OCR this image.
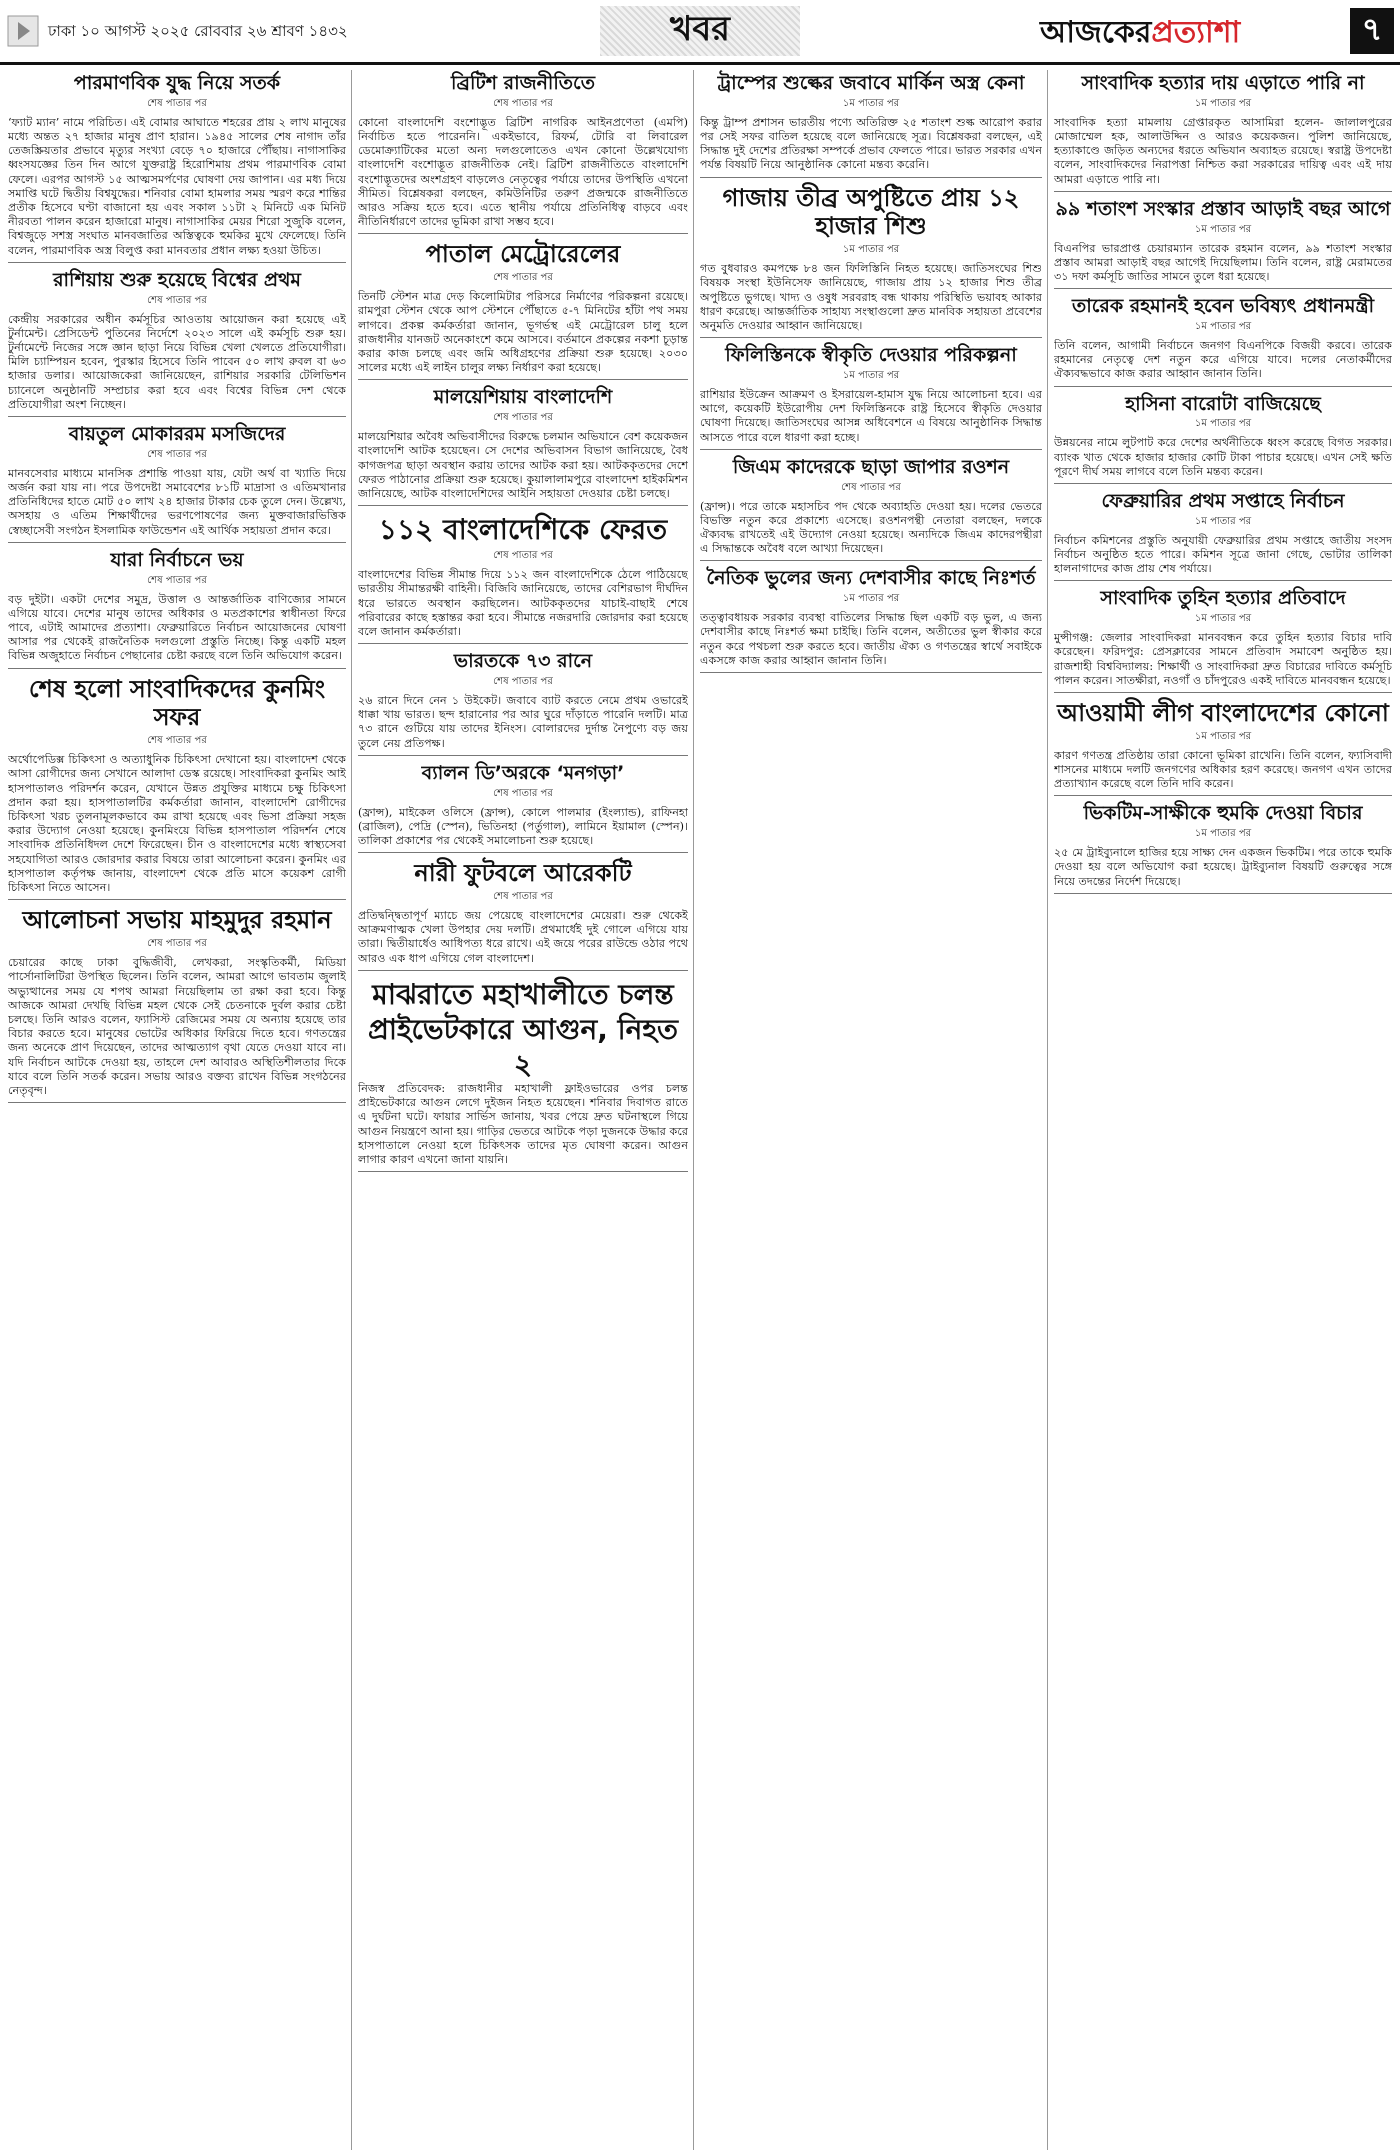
ঢাকা ১০ আগস্ট ২০২৫ রোববার ২৬ শ্রাবণ ১৪৩২	খবর	আজকেরপ্রত্যাশা	৭
পারমাণবিক যুদ্ধ নিয়ে সতর্ক
শেষ পাতার পর

‘ফ্যাট ম্যান’ নামে পরিচিত। এই বোমার আঘাতে শহরের প্রায় ২ লাখ মানুষের মধ্যে অন্তত ২৭ হাজার মানুষ প্রাণ হারান। ১৯৪৫ সালের শেষ নাগাদ তাঁর তেজস্ক্রিয়তার প্রভাবে মৃত্যুর সংখ্যা বেড়ে ৭০ হাজারে পৌঁছায়। নাগাসাকির ধ্বংসযজ্ঞের তিন দিন আগে যুক্তরাষ্ট্র হিরোশিমায় প্রথম পারমাণবিক বোমা ফেলে। এরপর আগস্ট ১৫ আত্মসমর্পণের ঘোষণা দেয় জাপান। এর মধ্য দিয়ে সমাপ্তি ঘটে দ্বিতীয় বিশ্বযুদ্ধের। শনিবার বোমা হামলার সময় স্মরণ করে শান্তির প্রতীক হিসেবে ঘণ্টা বাজানো হয় এবং সকাল ১১টা ২ মিনিটে এক মিনিট নীরবতা পালন করেন হাজারো মানুষ। নাগাসাকির মেয়র শিরো সুজুকি বলেন, বিশ্বজুড়ে সশস্ত্র সংঘাত মানবজাতির অস্তিত্বকে হুমকির মুখে ফেলেছে। তিনি বলেন, পারমাণবিক অস্ত্র বিলুপ্ত করা মানবতার প্রধান লক্ষ্য হওয়া উচিত।

রাশিয়ায় শুরু হয়েছে বিশ্বের প্রথম
শেষ পাতার পর

কেন্দ্রীয় সরকারের অধীন কর্মসূচির আওতায় আয়োজন করা হয়েছে এই টুর্নামেন্ট। প্রেসিডেন্ট পুতিনের নির্দেশে ২০২৩ সালে এই কর্মসূচি শুরু হয়। টুর্নামেন্টে নিজের সঙ্গে জ্ঞান ছাড়া নিয়ে বিভিন্ন খেলা খেলতে প্রতিযোগীরা। মিলি চ্যাম্পিয়ন হবেন, পুরস্কার হিসেবে তিনি পাবেন ৫০ লাখ রুবল বা ৬৩ হাজার ডলার। আয়োজকেরা জানিয়েছেন, রাশিয়ার সরকারি টেলিভিশন চ্যানেলে অনুষ্ঠানটি সম্প্রচার করা হবে এবং বিশ্বের বিভিন্ন দেশ থেকে প্রতিযোগীরা অংশ নিচ্ছেন।

বায়তুল মোকাররম মসজিদের
শেষ পাতার পর

মানবসেবার মাধ্যমে মানসিক প্রশান্তি পাওয়া যায়, যেটা অর্থ বা খ্যাতি দিয়ে অর্জন করা যায় না। পরে উপদেষ্টা সমাবেশের ৮১টি মাদ্রাসা ও এতিমখানার প্রতিনিধিদের হাতে মোট ৫০ লাখ ২৪ হাজার টাকার চেক তুলে দেন। উল্লেখ্য, অসহায় ও এতিম শিক্ষার্থীদের ভরণপোষণের জন্য মুক্তবাজারভিত্তিক স্বেচ্ছাসেবী সংগঠন ইসলামিক ফাউন্ডেশন এই আর্থিক সহায়তা প্রদান করে।

যারা নির্বাচনে ভয়
শেষ পাতার পর

বড় দুইটা। একটা দেশের সমুদ্র, উত্তাল ও আন্তর্জাতিক বাণিজ্যের সামনে এগিয়ে যাবে। দেশের মানুষ তাদের অধিকার ও মতপ্রকাশের স্বাধীনতা ফিরে পাবে, এটাই আমাদের প্রত্যাশা। ফেব্রুয়ারিতে নির্বাচন আয়োজনের ঘোষণা আসার পর থেকেই রাজনৈতিক দলগুলো প্রস্তুতি নিচ্ছে। কিন্তু একটি মহল বিভিন্ন অজুহাতে নির্বাচন পেছানোর চেষ্টা করছে বলে তিনি অভিযোগ করেন।

শেষ হলো সাংবাদিকদের কুনমিং সফর
শেষ পাতার পর

অর্থোপেডিক্স চিকিৎসা ও অত্যাধুনিক চিকিৎসা দেখানো হয়। বাংলাদেশ থেকে আসা রোগীদের জন্য সেখানে আলাদা ডেস্ক রয়েছে। সাংবাদিকরা কুনমিং আই হাসপাতালও পরিদর্শন করেন, যেখানে উন্নত প্রযুক্তির মাধ্যমে চক্ষু চিকিৎসা প্রদান করা হয়। হাসপাতালটির কর্মকর্তারা জানান, বাংলাদেশি রোগীদের চিকিৎসা খরচ তুলনামূলকভাবে কম রাখা হয়েছে এবং ভিসা প্রক্রিয়া সহজ করার উদ্যোগ নেওয়া হয়েছে। কুনমিংয়ে বিভিন্ন হাসপাতাল পরিদর্শন শেষে সাংবাদিক প্রতিনিধিদল দেশে ফিরেছেন। চীন ও বাংলাদেশের মধ্যে স্বাস্থ্যসেবা সহযোগিতা আরও জোরদার করার বিষয়ে তারা আলোচনা করেন। কুনমিং এর হাসপাতাল কর্তৃপক্ষ জানায়, বাংলাদেশ থেকে প্রতি মাসে কয়েকশ রোগী চিকিৎসা নিতে আসেন।

আলোচনা সভায় মাহমুদুর রহমান
শেষ পাতার পর

চেয়ারের কাছে ঢাকা বুদ্ধিজীবী, লেখকরা, সংস্কৃতিকর্মী, মিডিয়া পার্সোনালিটিরা উপস্থিত ছিলেন। তিনি বলেন, আমরা আগে ভাবতাম জুলাই অভ্যুত্থানের সময় যে শপথ আমরা নিয়েছিলাম তা রক্ষা করা হবে। কিন্তু আজকে আমরা দেখছি বিভিন্ন মহল থেকে সেই চেতনাকে দুর্বল করার চেষ্টা চলছে। তিনি আরও বলেন, ফ্যাসিস্ট রেজিমের সময় যে অন্যায় হয়েছে তার বিচার করতে হবে। মানুষের ভোটের অধিকার ফিরিয়ে দিতে হবে। গণতন্ত্রের জন্য অনেকে প্রাণ দিয়েছেন, তাদের আত্মত্যাগ বৃথা যেতে দেওয়া যাবে না। যদি নির্বাচন আটকে দেওয়া হয়, তাহলে দেশ আবারও অস্থিতিশীলতার দিকে যাবে বলে তিনি সতর্ক করেন। সভায় আরও বক্তব্য রাখেন বিভিন্ন সংগঠনের নেতৃবৃন্দ।

ব্রিটিশ রাজনীতিতে
শেষ পাতার পর

কোনো বাংলাদেশি বংশোদ্ভূত ব্রিটিশ নাগরিক আইনপ্রণেতা (এমপি) নির্বাচিত হতে পারেননি। একইভাবে, রিফর্ম, টোরি বা লিবারেল ডেমোক্র্যাটিকের মতো অন্য দলগুলোতেও এখন কোনো উল্লেখযোগ্য বাংলাদেশি বংশোদ্ভূত রাজনীতিক নেই। ব্রিটিশ রাজনীতিতে বাংলাদেশি বংশোদ্ভূতদের অংশগ্রহণ বাড়লেও নেতৃত্বের পর্যায়ে তাদের উপস্থিতি এখনো সীমিত। বিশ্লেষকরা বলছেন, কমিউনিটির তরুণ প্রজন্মকে রাজনীতিতে আরও সক্রিয় হতে হবে। এতে স্থানীয় পর্যায়ে প্রতিনিধিত্ব বাড়বে এবং নীতিনির্ধারণে তাদের ভূমিকা রাখা সম্ভব হবে।

পাতাল মেট্রোরেলের
শেষ পাতার পর

তিনটি স্টেশন মাত্র দেড় কিলোমিটার পরিসরে নির্মাণের পরিকল্পনা রয়েছে। রামপুরা স্টেশন থেকে আপ স্টেশনে পৌঁছাতে ৫-৭ মিনিটের হাঁটা পথ সময় লাগবে। প্রকল্প কর্মকর্তারা জানান, ভূগর্ভস্থ এই মেট্রোরেল চালু হলে রাজধানীর যানজট অনেকাংশে কমে আসবে। বর্তমানে প্রকল্পের নকশা চূড়ান্ত করার কাজ চলছে এবং জমি অধিগ্রহণের প্রক্রিয়া শুরু হয়েছে। ২০৩০ সালের মধ্যে এই লাইন চালুর লক্ষ্য নির্ধারণ করা হয়েছে।

মালয়েশিয়ায় বাংলাদেশি
শেষ পাতার পর

মালয়েশিয়ার অবৈধ অভিবাসীদের বিরুদ্ধে চলমান অভিযানে বেশ কয়েকজন বাংলাদেশি আটক হয়েছেন। সে দেশের অভিবাসন বিভাগ জানিয়েছে, বৈধ কাগজপত্র ছাড়া অবস্থান করায় তাদের আটক করা হয়। আটককৃতদের দেশে ফেরত পাঠানোর প্রক্রিয়া শুরু হয়েছে। কুয়ালালামপুরে বাংলাদেশ হাইকমিশন জানিয়েছে, আটক বাংলাদেশিদের আইনি সহায়তা দেওয়ার চেষ্টা চলছে।

১১২ বাংলাদেশিকে ফেরত
শেষ পাতার পর

বাংলাদেশের বিভিন্ন সীমান্ত দিয়ে ১১২ জন বাংলাদেশিকে ঠেলে পাঠিয়েছে ভারতীয় সীমান্তরক্ষী বাহিনী। বিজিবি জানিয়েছে, তাদের বেশিরভাগ দীর্ঘদিন ধরে ভারতে অবস্থান করছিলেন। আটককৃতদের যাচাই-বাছাই শেষে পরিবারের কাছে হস্তান্তর করা হবে। সীমান্তে নজরদারি জোরদার করা হয়েছে বলে জানান কর্মকর্তারা।

ভারতকে ৭৩ রানে
শেষ পাতার পর

২৬ রানে দিনে নেন ১ উইকেট। জবাবে ব্যাট করতে নেমে প্রথম ওভারেই ধাক্কা খায় ভারত। ছন্দ হারানোর পর আর ঘুরে দাঁড়াতে পারেনি দলটি। মাত্র ৭৩ রানে গুটিয়ে যায় তাদের ইনিংস। বোলারদের দুর্দান্ত নৈপুণ্যে বড় জয় তুলে নেয় প্রতিপক্ষ।

ব্যালন ডি’অরকে ‘মনগড়া’
শেষ পাতার পর

(ফ্রান্স), মাইকেল ওলিসে (ফ্রান্স), কোলে পালমার (ইংল্যান্ড), রাফিনহা (ব্রাজিল), পেদ্রি (স্পেন), ভিতিনহা (পর্তুগাল), লামিনে ইয়ামাল (স্পেন)। তালিকা প্রকাশের পর থেকেই সমালোচনা শুরু হয়েছে।

নারী ফুটবলে আরেকটি
শেষ পাতার পর

প্রতিদ্বন্দ্বিতাপূর্ণ ম্যাচে জয় পেয়েছে বাংলাদেশের মেয়েরা। শুরু থেকেই আক্রমণাত্মক খেলা উপহার দেয় দলটি। প্রথমার্ধেই দুই গোলে এগিয়ে যায় তারা। দ্বিতীয়ার্ধেও আধিপত্য ধরে রাখে। এই জয়ে পরের রাউন্ডে ওঠার পথে আরও এক ধাপ এগিয়ে গেল বাংলাদেশ।

মাঝরাতে মহাখালীতে চলন্ত প্রাইভেটকারে আগুন, নিহত ২

নিজস্ব প্রতিবেদক: রাজধানীর মহাখালী ফ্লাইওভারের ওপর চলন্ত প্রাইভেটকারে আগুন লেগে দুইজন নিহত হয়েছেন। শনিবার দিবাগত রাতে এ দুর্ঘটনা ঘটে। ফায়ার সার্ভিস জানায়, খবর পেয়ে দ্রুত ঘটনাস্থলে গিয়ে আগুন নিয়ন্ত্রণে আনা হয়। গাড়ির ভেতরে আটকে পড়া দুজনকে উদ্ধার করে হাসপাতালে নেওয়া হলে চিকিৎসক তাদের মৃত ঘোষণা করেন। আগুন লাগার কারণ এখনো জানা যায়নি।

ট্রাম্পের শুল্কের জবাবে মার্কিন অস্ত্র কেনা
১ম পাতার পর

কিন্তু ট্রাম্প প্রশাসন ভারতীয় পণ্যে অতিরিক্ত ২৫ শতাংশ শুল্ক আরোপ করার পর সেই সফর বাতিল হয়েছে বলে জানিয়েছে সূত্র। বিশ্লেষকরা বলছেন, এই সিদ্ধান্ত দুই দেশের প্রতিরক্ষা সম্পর্কে প্রভাব ফেলতে পারে। ভারত সরকার এখন পর্যন্ত বিষয়টি নিয়ে আনুষ্ঠানিক কোনো মন্তব্য করেনি।

গাজায় তীব্র অপুষ্টিতে প্রায় ১২ হাজার শিশু
১ম পাতার পর

গত বুধবারও কমপক্ষে ৮৪ জন ফিলিস্তিনি নিহত হয়েছে। জাতিসংঘের শিশু বিষয়ক সংস্থা ইউনিসেফ জানিয়েছে, গাজায় প্রায় ১২ হাজার শিশু তীব্র অপুষ্টিতে ভুগছে। খাদ্য ও ওষুধ সরবরাহ বন্ধ থাকায় পরিস্থিতি ভয়াবহ আকার ধারণ করেছে। আন্তর্জাতিক সাহায্য সংস্থাগুলো দ্রুত মানবিক সহায়তা প্রবেশের অনুমতি দেওয়ার আহ্বান জানিয়েছে।

ফিলিস্তিনকে স্বীকৃতি দেওয়ার পরিকল্পনা
১ম পাতার পর

রাশিয়ার ইউক্রেন আক্রমণ ও ইসরায়েল-হামাস যুদ্ধ নিয়ে আলোচনা হবে। এর আগে, কয়েকটি ইউরোপীয় দেশ ফিলিস্তিনকে রাষ্ট্র হিসেবে স্বীকৃতি দেওয়ার ঘোষণা দিয়েছে। জাতিসংঘের আসন্ন অধিবেশনে এ বিষয়ে আনুষ্ঠানিক সিদ্ধান্ত আসতে পারে বলে ধারণা করা হচ্ছে।

জিএম কাদেরকে ছাড়া জাপার রওশন
শেষ পাতার পর

(ফ্রান্স)। পরে তাকে মহাসচিব পদ থেকে অব্যাহতি দেওয়া হয়। দলের ভেতরে বিভক্তি নতুন করে প্রকাশ্যে এসেছে। রওশনপন্থী নেতারা বলছেন, দলকে ঐক্যবদ্ধ রাখতেই এই উদ্যোগ নেওয়া হয়েছে। অন্যদিকে জিএম কাদেরপন্থীরা এ সিদ্ধান্তকে অবৈধ বলে আখ্যা দিয়েছেন।

নৈতিক ভুলের জন্য দেশবাসীর কাছে নিঃশর্ত
১ম পাতার পর

তত্ত্বাবধায়ক সরকার ব্যবস্থা বাতিলের সিদ্ধান্ত ছিল একটি বড় ভুল, এ জন্য দেশবাসীর কাছে নিঃশর্ত ক্ষমা চাইছি। তিনি বলেন, অতীতের ভুল স্বীকার করে নতুন করে পথচলা শুরু করতে হবে। জাতীয় ঐক্য ও গণতন্ত্রের স্বার্থে সবাইকে একসঙ্গে কাজ করার আহ্বান জানান তিনি।

সাংবাদিক হত্যার দায় এড়াতে পারি না
১ম পাতার পর

সাংবাদিক হত্যা মামলায় গ্রেপ্তারকৃত আসামিরা হলেন- জালালপুরের মোজাম্মেল হক, আলাউদ্দিন ও আরও কয়েকজন। পুলিশ জানিয়েছে, হত্যাকাণ্ডে জড়িত অন্যদের ধরতে অভিযান অব্যাহত রয়েছে। স্বরাষ্ট্র উপদেষ্টা বলেন, সাংবাদিকদের নিরাপত্তা নিশ্চিত করা সরকারের দায়িত্ব এবং এই দায় আমরা এড়াতে পারি না।

৯৯ শতাংশ সংস্কার প্রস্তাব আড়াই বছর আগে
১ম পাতার পর

বিএনপির ভারপ্রাপ্ত চেয়ারম্যান তারেক রহমান বলেন, ৯৯ শতাংশ সংস্কার প্রস্তাব আমরা আড়াই বছর আগেই দিয়েছিলাম। তিনি বলেন, রাষ্ট্র মেরামতের ৩১ দফা কর্মসূচি জাতির সামনে তুলে ধরা হয়েছে।

তারেক রহমানই হবেন ভবিষ্যৎ প্রধানমন্ত্রী
১ম পাতার পর

তিনি বলেন, আগামী নির্বাচনে জনগণ বিএনপিকে বিজয়ী করবে। তারেক রহমানের নেতৃত্বে দেশ নতুন করে এগিয়ে যাবে। দলের নেতাকর্মীদের ঐক্যবদ্ধভাবে কাজ করার আহ্বান জানান তিনি।

হাসিনা বারোটা বাজিয়েছে
১ম পাতার পর

উন্নয়নের নামে লুটপাট করে দেশের অর্থনীতিকে ধ্বংস করেছে বিগত সরকার। ব্যাংক খাত থেকে হাজার হাজার কোটি টাকা পাচার হয়েছে। এখন সেই ক্ষতি পূরণে দীর্ঘ সময় লাগবে বলে তিনি মন্তব্য করেন।

ফেব্রুয়ারির প্রথম সপ্তাহে নির্বাচন
১ম পাতার পর

নির্বাচন কমিশনের প্রস্তুতি অনুযায়ী ফেব্রুয়ারির প্রথম সপ্তাহে জাতীয় সংসদ নির্বাচন অনুষ্ঠিত হতে পারে। কমিশন সূত্রে জানা গেছে, ভোটার তালিকা হালনাগাদের কাজ প্রায় শেষ পর্যায়ে।

সাংবাদিক তুহিন হত্যার প্রতিবাদে
১ম পাতার পর

মুন্সীগঞ্জ: জেলার সাংবাদিকরা মানববন্ধন করে তুহিন হত্যার বিচার দাবি করেছেন। ফরিদপুর: প্রেসক্লাবের সামনে প্রতিবাদ সমাবেশ অনুষ্ঠিত হয়। রাজশাহী বিশ্ববিদ্যালয়: শিক্ষার্থী ও সাংবাদিকরা দ্রুত বিচারের দাবিতে কর্মসূচি পালন করেন। সাতক্ষীরা, নওগাঁ ও চাঁদপুরেও একই দাবিতে মানববন্ধন হয়েছে।

আওয়ামী লীগ বাংলাদেশের কোনো
১ম পাতার পর

কারণ গণতন্ত্র প্রতিষ্ঠায় তারা কোনো ভূমিকা রাখেনি। তিনি বলেন, ফ্যাসিবাদী শাসনের মাধ্যমে দলটি জনগণের অধিকার হরণ করেছে। জনগণ এখন তাদের প্রত্যাখ্যান করেছে বলে তিনি দাবি করেন।

ভিকটিম-সাক্ষীকে হুমকি দেওয়া বিচার
১ম পাতার পর

২৫ মে ট্রাইব্যুনালে হাজির হয়ে সাক্ষ্য দেন একজন ভিকটিম। পরে তাকে হুমকি দেওয়া হয় বলে অভিযোগ করা হয়েছে। ট্রাইব্যুনাল বিষয়টি গুরুত্বের সঙ্গে নিয়ে তদন্তের নির্দেশ দিয়েছে।
